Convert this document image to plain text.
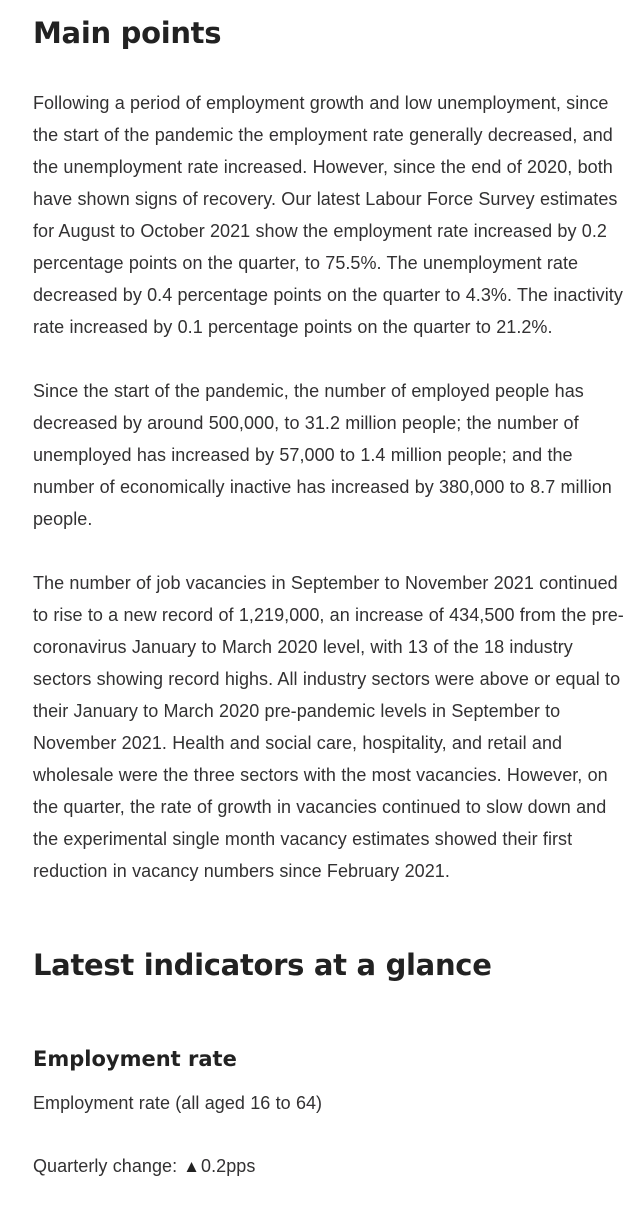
Main points

Following a period of employment growth and low unemployment, since the start of the pandemic the employment rate generally decreased, and the unemployment rate increased. However, since the end of 2020, both have shown signs of recovery. Our latest Labour Force Survey estimates for August to October 2021 show the employment rate increased by 0.2 percentage points on the quarter, to 75.5%. The unemployment rate decreased by 0.4 percentage points on the quarter to 4.3%. The inactivity rate increased by 0.1 percentage points on the quarter to 21.2%.

Since the start of the pandemic, the number of employed people has decreased by around 500,000, to 31.2 million people; the number of unemployed has increased by 57,000 to 1.4 million people; and the number of economically inactive has increased by 380,000 to 8.7 million people.

The number of job vacancies in September to November 2021 continued to rise to a new record of 1,219,000, an increase of 434,500 from the pre-coronavirus January to March 2020 level, with 13 of the 18 industry sectors showing record highs. All industry sectors were above or equal to their January to March 2020 pre-pandemic levels in September to November 2021. Health and social care, hospitality, and retail and wholesale were the three sectors with the most vacancies. However, on the quarter, the rate of growth in vacancies continued to slow down and the experimental single month vacancy estimates showed their first reduction in vacancy numbers since February 2021.

Latest indicators at a glance
Employment rate

Employment rate (all aged 16 to 64)

Quarterly change: ▲0.2pps
